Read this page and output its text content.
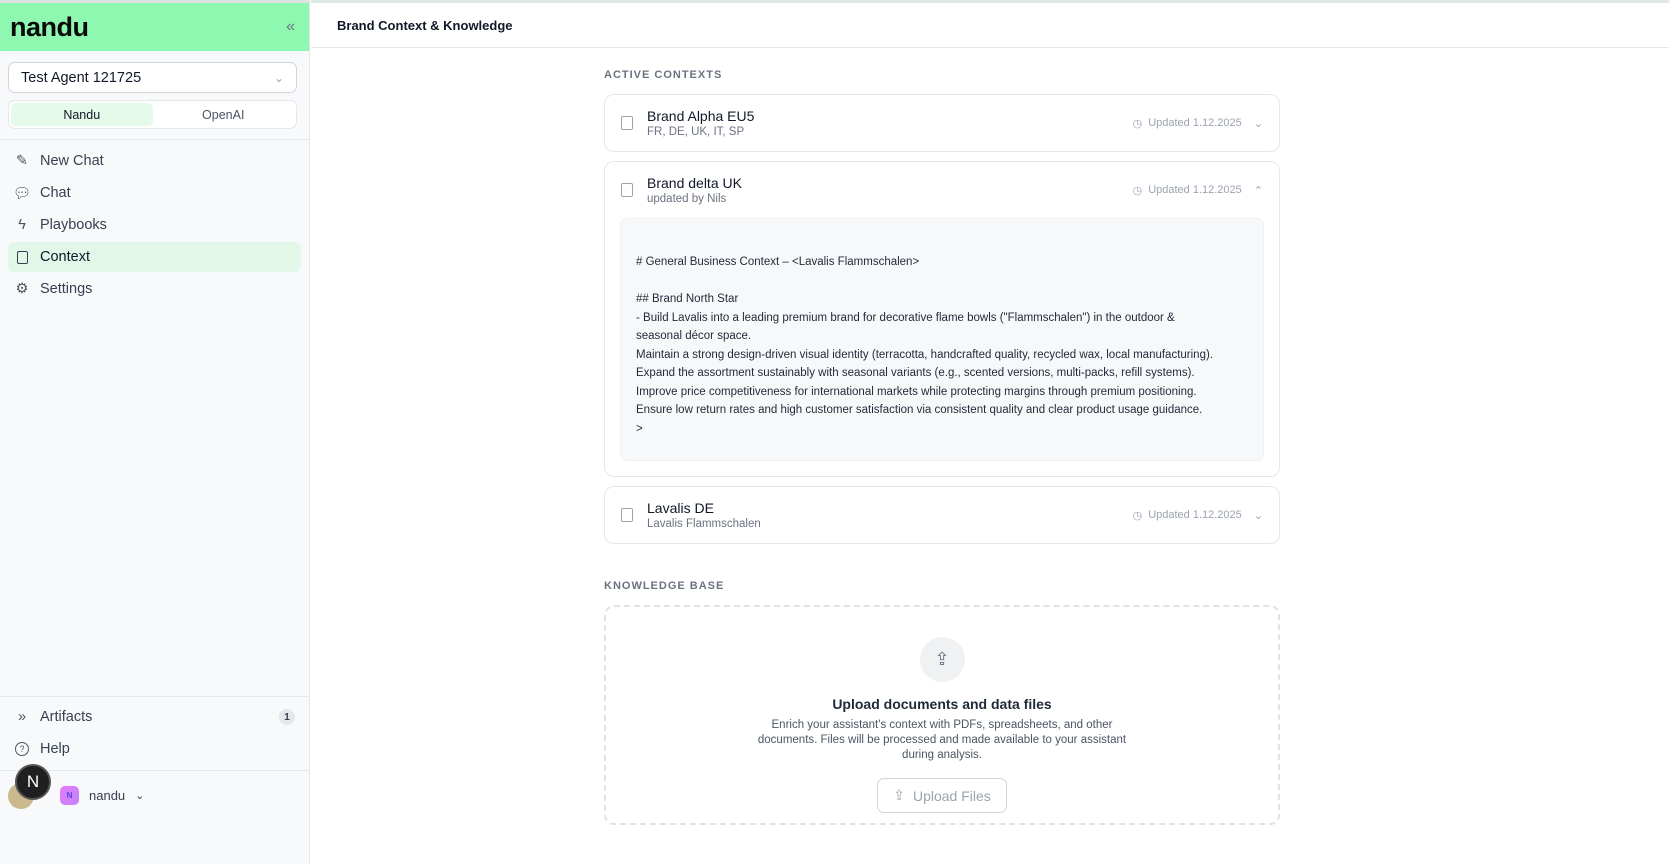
nandu	«
Test Agent 121725	⌄
Nandu	OpenAI
✎ New Chat
💬︎ Chat
ϟ Playbooks
Context
⚙ Settings
» Artifacts	1
?	Help
N
N	nandu ⌄
Brand Context & Knowledge
ACTIVE CONTEXTS
Brand Alpha EU5
FR, DE, UK, IT, SP
◷ Updated 1.12.2025 ⌄
Brand delta UK
updated by Nils
◷ Updated 1.12.2025 ⌃
# General Business Context – <Lavalis Flammschalen>

## Brand North Star
- Build Lavalis into a leading premium brand for decorative flame bowls ("Flammschalen") in the outdoor &
seasonal décor space.
Maintain a strong design-driven visual identity (terracotta, handcrafted quality, recycled wax, local manufacturing).
Expand the assortment sustainably with seasonal variants (e.g., scented versions, multi-packs, refill systems).
Improve price competitiveness for international markets while protecting margins through premium positioning.
Ensure low return rates and high customer satisfaction via consistent quality and clear product usage guidance.
>
Lavalis DE
Lavalis Flammschalen
◷ Updated 1.12.2025 ⌄
KNOWLEDGE BASE
⇪
Upload documents and data files

Enrich your assistant's context with PDFs, spreadsheets, and other documents. Files will be processed and made available to your assistant during analysis.

⇪ Upload Files
